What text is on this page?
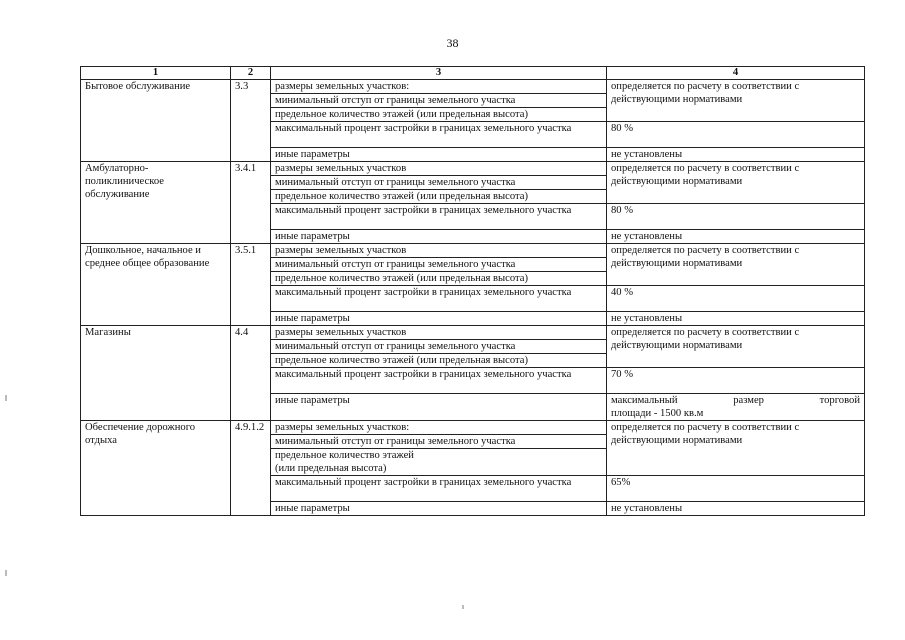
38
1	2	3	4
Бытовое обслуживание	3.3	размеры земельных участков:	определяется по расчету в соответствии с действующими нормативами
		минимальный отступ от границы земельного участка	
		предельное количество этажей (или предельная высота)	
		максимальный процент застройки в границах земельного участка	80 %
		иные параметры	не установлены
Амбулаторно-поликлиническое обслуживание	3.4.1	размеры земельных участков	определяется по расчету в соответствии с действующими нормативами
		минимальный отступ от границы земельного участка	
		предельное количество этажей (или предельная высота)	
		максимальный процент застройки в границах земельного участка	80 %
		иные параметры	не установлены
Дошкольное, начальное и среднее общее образование	3.5.1	размеры земельных участков	определяется по расчету в соответствии с действующими нормативами
		минимальный отступ от границы земельного участка	
		предельное количество этажей (или предельная высота)	
		максимальный процент застройки в границах земельного участка	40 %
		иные параметры	не установлены
Магазины	4.4	размеры земельных участков	определяется по расчету в соответствии с действующими нормативами
		минимальный отступ от границы земельного участка	
		предельное количество этажей (или предельная высота)	
		максимальный процент застройки в границах земельного участка	70 %
		иные параметры	максимальный размер торговой
площади - 1500 кв.м

Обеспечение дорожного отдыха	4.9.1.2	размеры земельных участков:	определяется по расчету в соответствии с действующими нормативами
		минимальный отступ от границы земельного участка	

		предельное количество этажей
(или предельная высота)	

		максимальный процент застройки в границах земельного участка	65%
		иные параметры	не установлены
